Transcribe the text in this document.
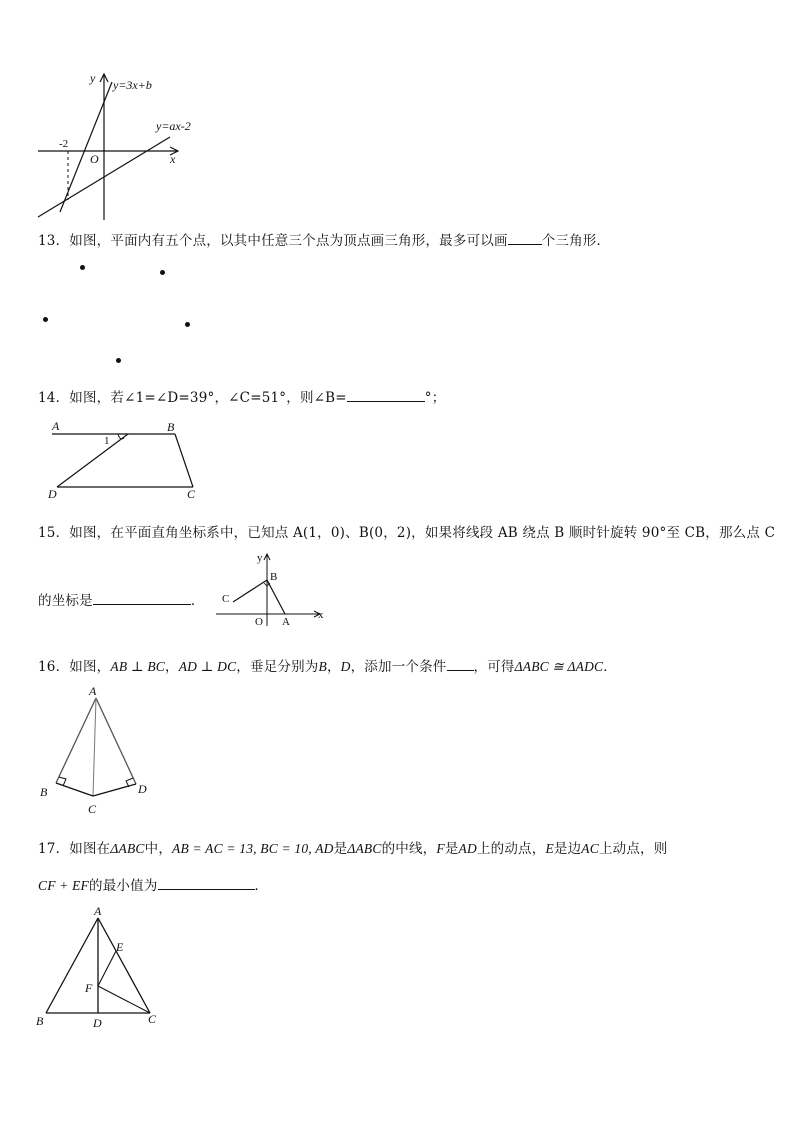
y
x
O
-2
y=3x+b
y=ax-2
13．如图，平面内有五个点，以其中任意三个点为顶点画三角形，最多可以画	个三角形．
14．如图，若∠1=∠D=39°，∠C=51°，则∠B=	°；
A	B
C
D
1
15．如图，在平面直角坐标系中，已知点 A(1，0)、B(0，2)，如果将线段 AB 绕点 B 顺时针旋转 90°至 CB，那么点 C
的坐标是	．
y
x
O A
B
C
16．如图，AB ⊥ BC，AD ⊥ DC，垂足分别为B，D，添加一个条件 ，可得ΔABC ≅ ΔADC．
A
B
C
D
17．如图在ΔABC中，AB = AC = 13, BC = 10, AD是ΔABC的中线，F是AD上的动点，E是边AC上动点，则
CF + EF的最小值为	．
A
B	C
D
E
F
